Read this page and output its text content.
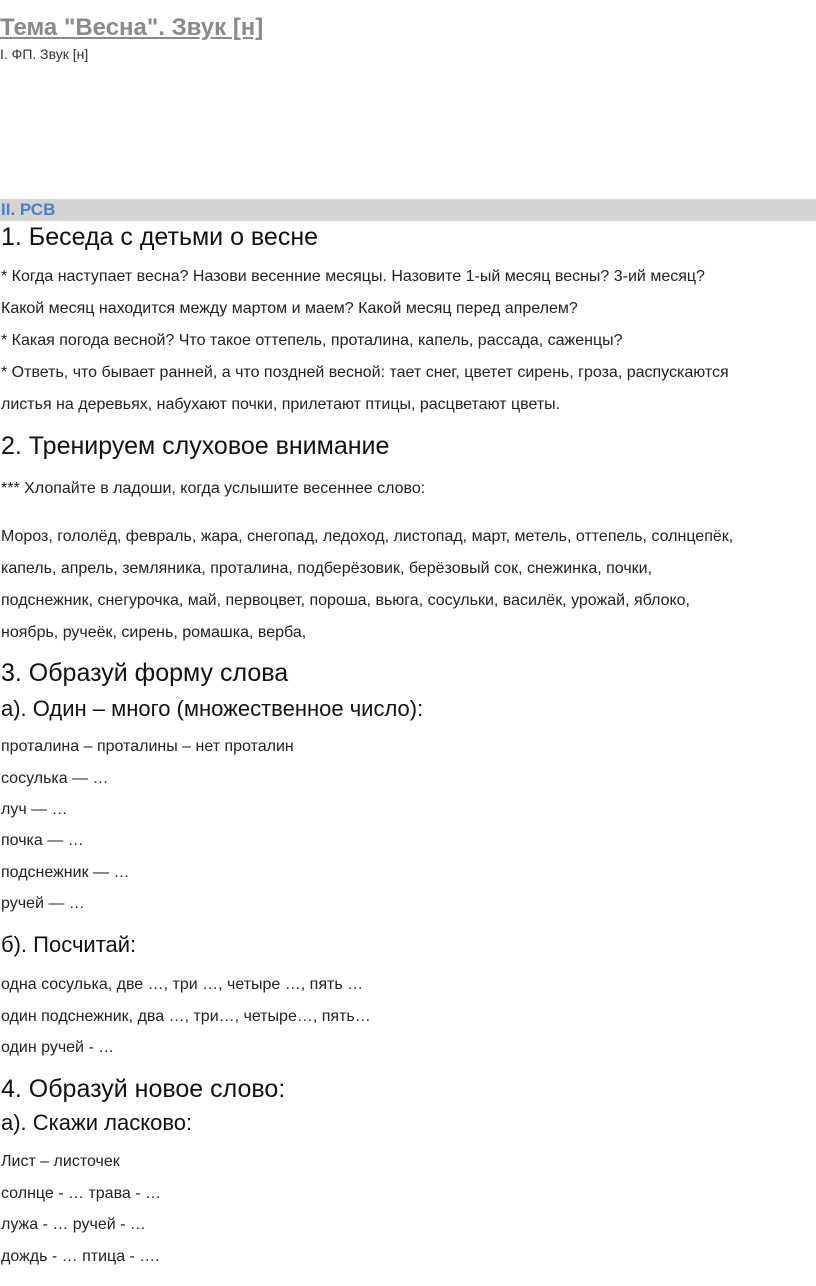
Тема "Весна". Звук [н]
I. ФП. Звук [н]
II. РСВ
1. Беседа с детьми о весне
* Когда наступает весна? Назови весенние месяцы. Назовите 1-ый месяц весны? 3-ий месяц?
Какой месяц находится между мартом и маем? Какой месяц перед апрелем?
* Какая погода весной? Что такое оттепель, проталина, капель, рассада, саженцы?
* Ответь, что бывает ранней, а что поздней весной: тает снег, цветет сирень, гроза, распускаются
листья на деревьях, набухают почки, прилетают птицы, расцветают цветы.
2. Тренируем слуховое внимание
*** Хлопайте в ладоши, когда услышите весеннее слово:
Мороз, гололёд, февраль, жара, снегопад, ледоход, листопад, март, метель, оттепель, солнцепёк,
капель, апрель, земляника, проталина, подберёзовик, берёзовый сок, снежинка, почки,
подснежник, снегурочка, май, первоцвет, пороша, вьюга, сосульки, василёк, урожай, яблоко,
ноябрь, ручеёк, сирень, ромашка, верба,
3. Образуй форму слова
а). Один – много (множественное число):
проталина – проталины – нет проталин
сосулька — …
луч — …
почка — …
подснежник — …
ручей — …
б). Посчитай:
одна сосулька, две …, три …, четыре …, пять …
один подснежник, два …, три…, четыре…, пять…
один ручей - …
4. Образуй новое слово:
а). Скажи ласково:
Лист – листочек
солнце - … трава - …
лужа - … ручей - …
дождь - … птица - ….
